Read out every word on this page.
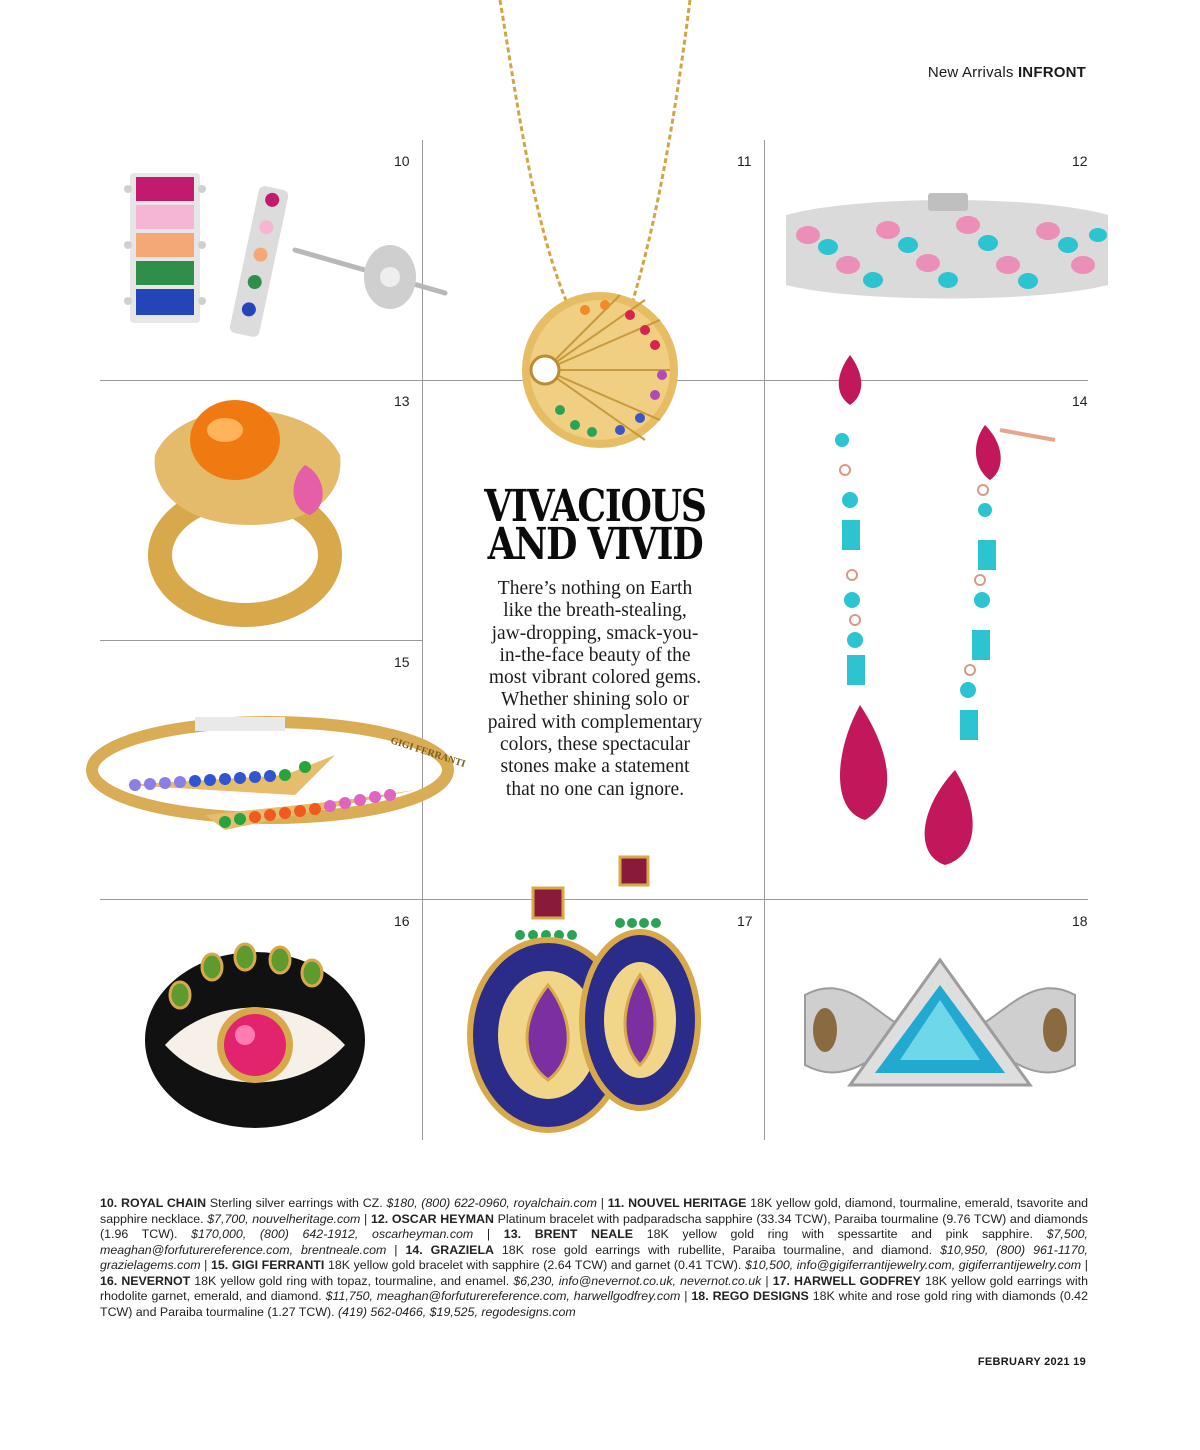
New Arrivals INFRONT
10	11	12
13	14
15
16	17	18
GIGI FERRANTI
VIVACIOUS
AND VIVID
There’s nothing on Earth
like the breath-stealing,
jaw-dropping, smack-you-
in-the-face beauty of the
most vibrant colored gems.
Whether shining solo or
paired with complementary
colors, these spectacular
stones make a statement
that no one can ignore.
10. ROYAL CHAIN Sterling silver earrings with CZ. $180, (800) 622-0960, royalchain.com | 11. NOUVEL HERITAGE 18K yellow gold, diamond, tourmaline, emerald, tsavorite and sapphire necklace. $7,700, nouvelheritage.com | 12. OSCAR HEYMAN Platinum bracelet with padparadscha sapphire (33.34 TCW), Paraiba tourmaline (9.76 TCW) and diamonds (1.96 TCW). $170,000, (800) 642-1912, oscarheyman.com | 13. BRENT NEALE 18K yellow gold ring with spessartite and pink sapphire. $7,500, meaghan@forfuturereference.com, brentneale.com | 14. GRAZIELA 18K rose gold earrings with rubellite, Paraiba tourmaline, and diamond. $10,950, (800) 961-1170, grazielagems.com | 15. GIGI FERRANTI 18K yellow gold bracelet with sapphire (2.64 TCW) and garnet (0.41 TCW). $10,500, info@gigiferrantijewelry.com, gigiferrantijewelry.com | 16. NEVERNOT 18K yellow gold ring with topaz, tourmaline, and enamel. $6,230, info@nevernot.co.uk, nevernot.co.uk | 17. HARWELL GODFREY 18K yellow gold earrings with rhodolite garnet, emerald, and diamond. $11,750, meaghan@forfuturereference.com, harwellgodfrey.com | 18. REGO DESIGNS 18K white and rose gold ring with diamonds (0.42 TCW) and Paraiba tourmaline (1.27 TCW). (419) 562-0466, $19,525, regodesigns.com
FEBRUARY 2021 19
